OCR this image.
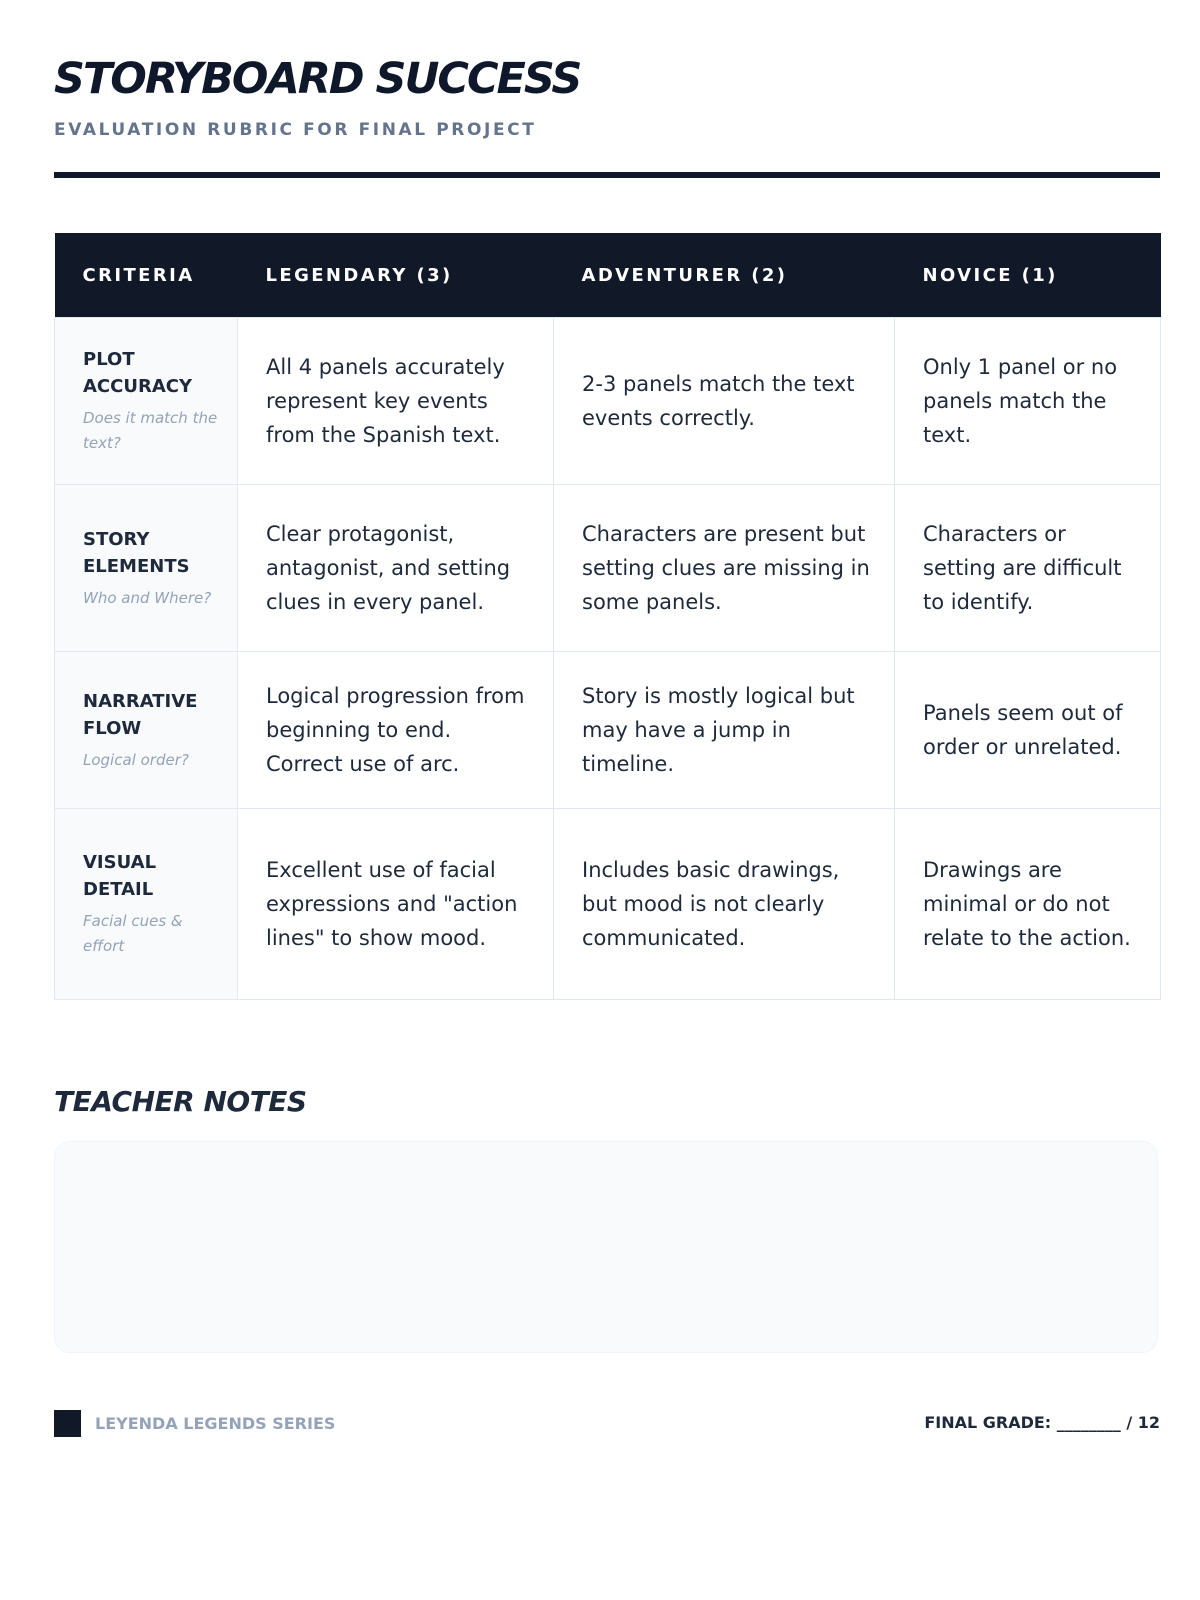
STORYBOARD SUCCESS
EVALUATION RUBRIC FOR FINAL PROJECT
CRITERIA	LEGENDARY (3)	ADVENTURER (2)	NOVICE (1)

PLOT ACCURACY
Does it match the text?	All 4 panels accurately represent key events from the Spanish text.	2-3 panels match the text events correctly.	Only 1 panel or no panels match the text.

STORY ELEMENTS
Who and Where?	Clear protagonist, antagonist, and setting clues in every panel.	Characters are present but setting clues are missing in some panels.	Characters or setting are difficult to identify.

NARRATIVE FLOW
Logical order?	Logical progression from beginning to end. Correct use of arc.	Story is mostly logical but may have a jump in timeline.	Panels seem out of order or unrelated.

VISUAL DETAIL
Facial cues & effort	Excellent use of facial expressions and "action lines" to show mood.	Includes basic drawings, but mood is not clearly communicated.	Drawings are minimal or do not relate to the action.
TEACHER NOTES
LEYENDA LEGENDS SERIES	FINAL GRADE: ________ / 12
